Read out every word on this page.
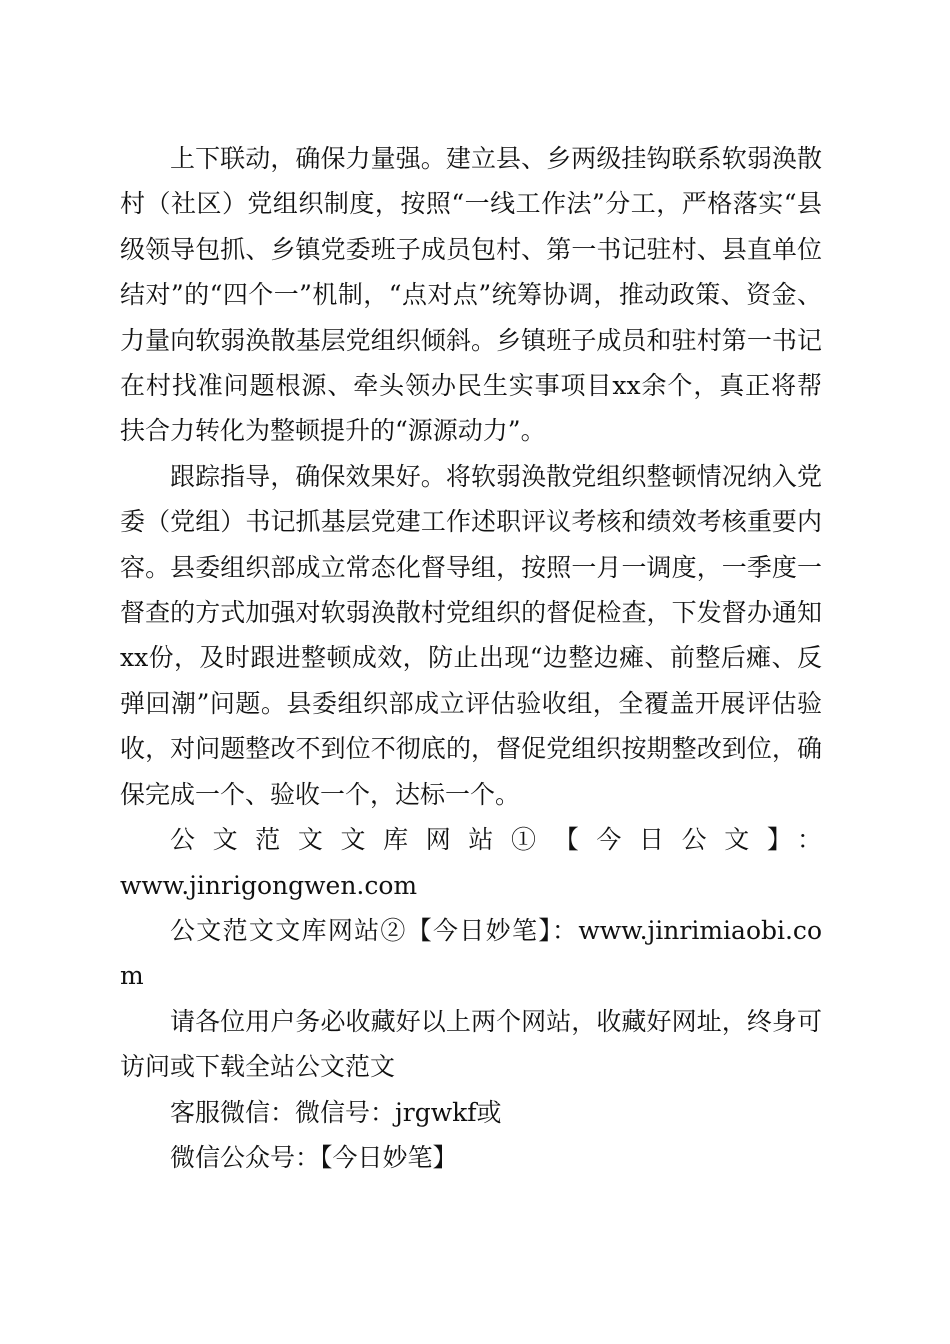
上下联动，确保力量强。建立县、乡两级挂钩联系软弱涣散村（社区）党组织制度，按照“一线工作法”分工，严格落实“县级领导包抓、乡镇党委班子成员包村、第一书记驻村、县直单位结对”的“四个一”机制，“点对点”统筹协调，推动政策、资金、力量向软弱涣散基层党组织倾斜。乡镇班子成员和驻村第一书记在村找准问题根源、牵头领办民生实事项目xx余个，真正将帮扶合力转化为整顿提升的“源源动力”。

跟踪指导，确保效果好。将软弱涣散党组织整顿情况纳入党委（党组）书记抓基层党建工作述职评议考核和绩效考核重要内容。县委组织部成立常态化督导组，按照一月一调度，一季度一督查的方式加强对软弱涣散村党组织的督促检查，下发督办通知xx份，及时跟进整顿成效，防止出现“边整边瘫、前整后瘫、反弹回潮”问题。县委组织部成立评估验收组，全覆盖开展评估验收，对问题整改不到位不彻底的，督促党组织按期整改到位，确保完成一个、验收一个，达标一个。

公文范文文库网站①【今日公文】：

www.jinrigongwen.com

公文范文文库网站②【今日妙笔】：www.jinrimiaobi.com

请各位用户务必收藏好以上两个网站，收藏好网址，终身可访问或下载全站公文范文

客服微信：微信号：jrgwkf或

微信公众号：【今日妙笔】
